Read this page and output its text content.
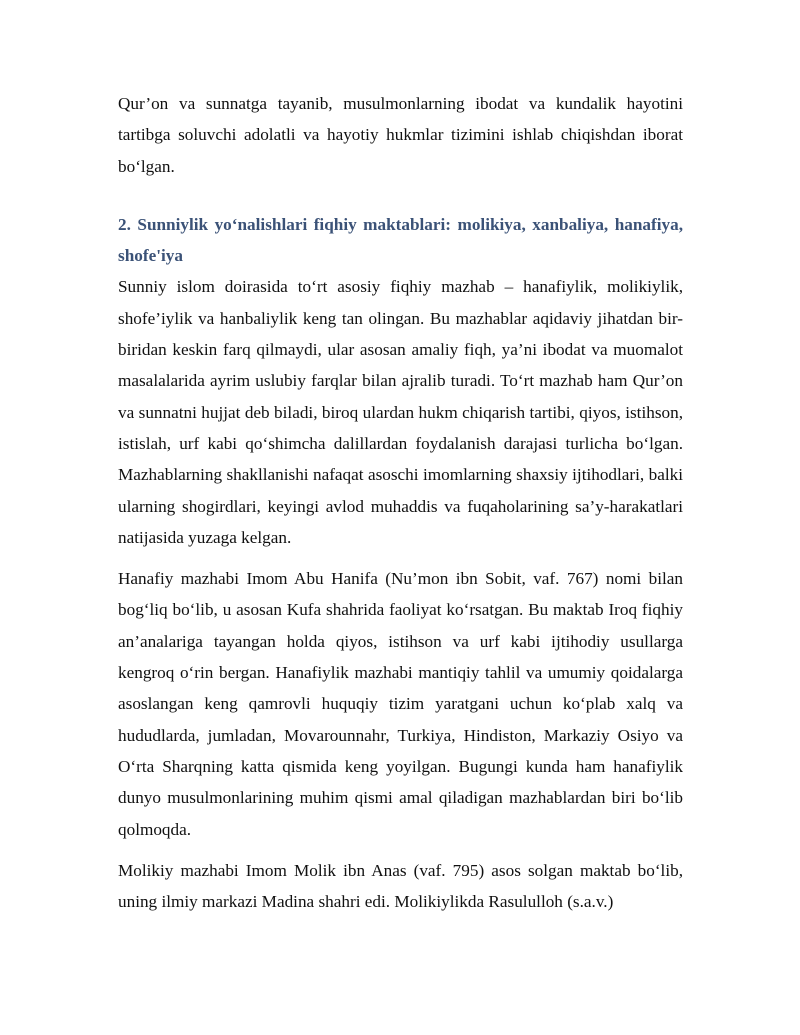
Qur’on va sunnatga tayanib, musulmonlarning ibodat va kundalik hayotini tartibga soluvchi adolatli va hayotiy hukmlar tizimini ishlab chiqishdan iborat bo‘lgan.

2. Sunniylik yo‘nalishlari fiqhiy maktablari: molikiya, xanbaliya, hanafiya, shofe'iya

Sunniy islom doirasida to‘rt asosiy fiqhiy mazhab – hanafiylik, molikiylik, shofe’iylik va hanbaliylik keng tan olingan. Bu mazhablar aqidaviy jihatdan bir-biridan keskin farq qilmaydi, ular asosan amaliy fiqh, ya’ni ibodat va muomalot masalalarida ayrim uslubiy farqlar bilan ajralib turadi. To‘rt mazhab ham Qur’on va sunnatni hujjat deb biladi, biroq ulardan hukm chiqarish tartibi, qiyos, istihson, istislah, urf kabi qo‘shimcha dalillardan foydalanish darajasi turlicha bo‘lgan. Mazhablarning shakllanishi nafaqat asoschi imomlarning shaxsiy ijtihodlari, balki ularning shogirdlari, keyingi avlod muhaddis va fuqaholarining sa’y-harakatlari natijasida yuzaga kelgan.

Hanafiy mazhabi Imom Abu Hanifa (Nu’mon ibn Sobit, vaf. 767) nomi bilan bog‘liq bo‘lib, u asosan Kufa shahrida faoliyat ko‘rsatgan. Bu maktab Iroq fiqhiy an’analariga tayangan holda qiyos, istihson va urf kabi ijtihodiy usullarga kengroq o‘rin bergan. Hanafiylik mazhabi mantiqiy tahlil va umumiy qoidalarga asoslangan keng qamrovli huquqiy tizim yaratgani uchun ko‘plab xalq va hududlarda, jumladan, Movarounnahr, Turkiya, Hindiston, Markaziy Osiyo va O‘rta Sharqning katta qismida keng yoyilgan. Bugungi kunda ham hanafiylik dunyo musulmonlarining muhim qismi amal qiladigan mazhablardan biri bo‘lib qolmoqda.

Molikiy mazhabi Imom Molik ibn Anas (vaf. 795) asos solgan maktab bo‘lib, uning ilmiy markazi Madina shahri edi. Molikiylikda Rasululloh (s.a.v.)
